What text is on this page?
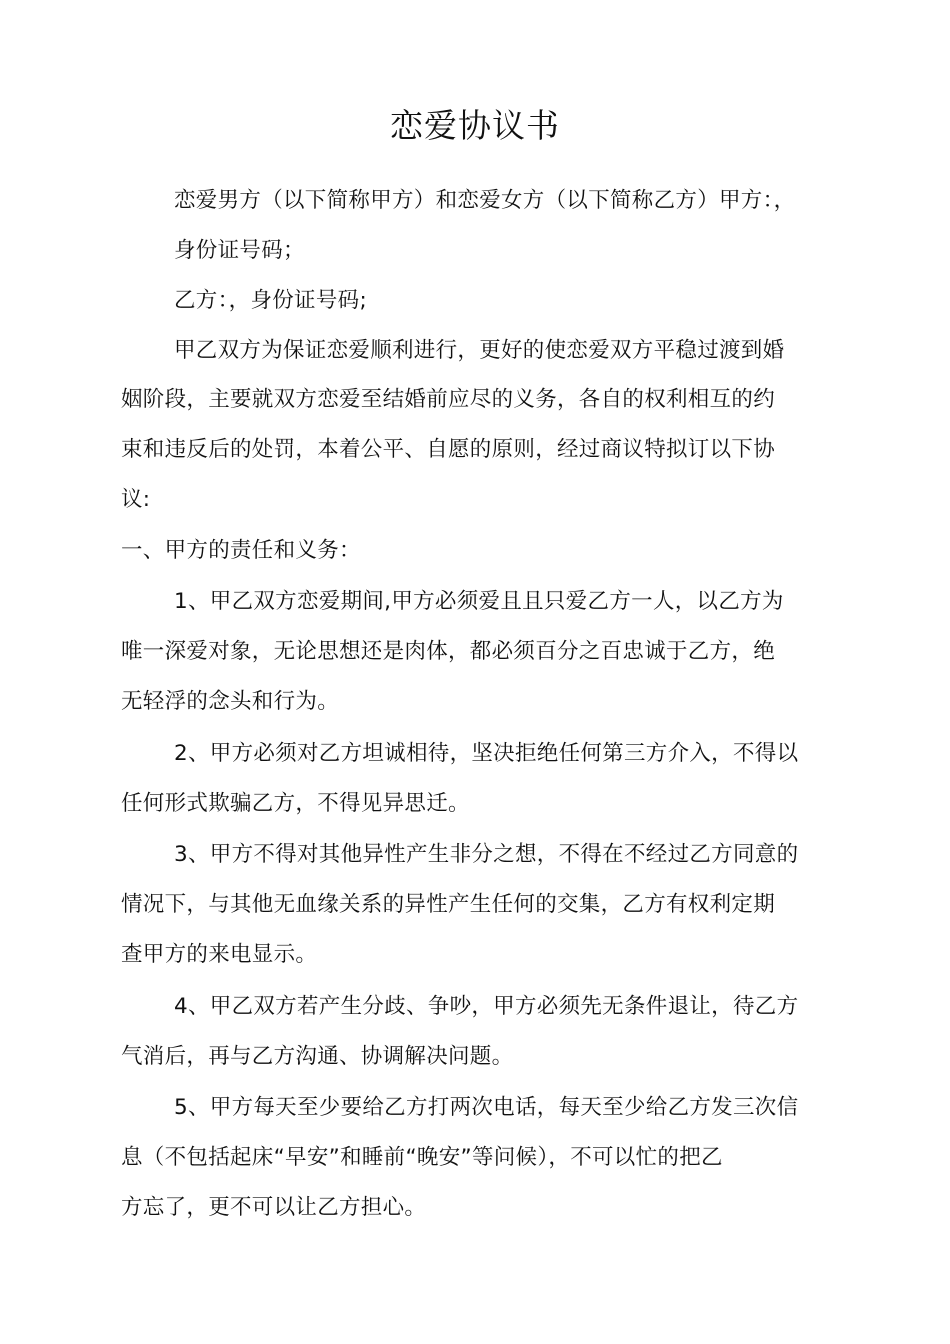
恋爱协议书
恋爱男方（以下简称甲方）和恋爱女方（以下简称乙方）甲方：，
身份证号码；
乙方：，身份证号码;
甲乙双方为保证恋爱顺利进行，更好的使恋爱双方平稳过渡到婚
姻阶段，主要就双方恋爱至结婚前应尽的义务，各自的权利相互的约
束和违反后的处罚，本着公平、自愿的原则，经过商议特拟订以下协
议:
一、甲方的责任和义务：
1、甲乙双方恋爱期间,甲方必须爱且且只爱乙方一人，以乙方为
唯一深爱对象，无论思想还是肉体，都必须百分之百忠诚于乙方，绝
无轻浮的念头和行为。
2、甲方必须对乙方坦诚相待，坚决拒绝任何第三方介入，不得以
任何形式欺骗乙方，不得见异思迁。
3、甲方不得对其他异性产生非分之想，不得在不经过乙方同意的
情况下，与其他无血缘关系的异性产生任何的交集，乙方有权利定期
查甲方的来电显示。
4、甲乙双方若产生分歧、争吵，甲方必须先无条件退让，待乙方
气消后，再与乙方沟通、协调解决问题。
5、甲方每天至少要给乙方打两次电话，每天至少给乙方发三次信
息（不包括起床“早安”和睡前“晚安”等问候），不可以忙的把乙
方忘了，更不可以让乙方担心。
